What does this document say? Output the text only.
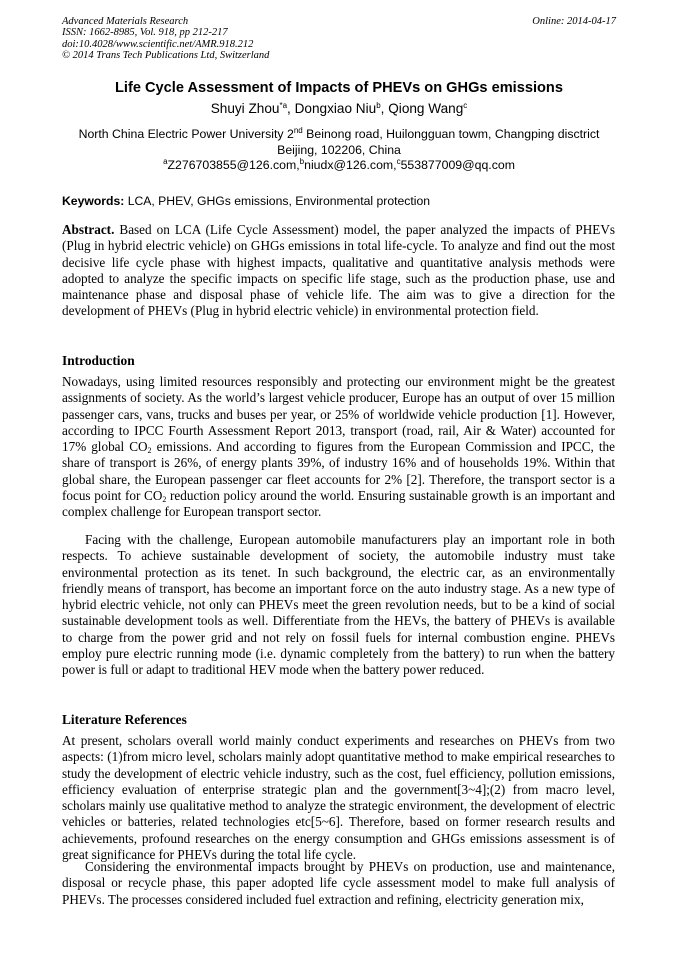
Advanced Materials Research
ISSN: 1662-8985, Vol. 918, pp 212-217
doi:10.4028/www.scientific.net/AMR.918.212
© 2014 Trans Tech Publications Ltd, Switzerland
Online: 2014-04-17
Life Cycle Assessment of Impacts of PHEVs on GHGs emissions
Shuyi Zhou$^{*a}$, Dongxiao Niu$^b$, Qiong Wang$^c$
North China Electric Power University 2nd Beinong road, Huilongguan towm, Changping disctrict
Beijing, 102206, China
$^a$Z276703855@126.com,$^b$niudx@126.com,$^c$553877009@qq.com
Keywords: LCA, PHEV, GHGs emissions, Environmental protection
Abstract. Based on LCA (Life Cycle Assessment) model, the paper analyzed the impacts of PHEVs (Plug in hybrid electric vehicle) on GHGs emissions in total life-cycle. To analyze and find out the most decisive life cycle phase with highest impacts, qualitative and quantitative analysis methods were adopted to analyze the specific impacts on specific life stage, such as the production phase, use and maintenance phase and disposal phase of vehicle life. The aim was to give a direction for the development of PHEVs (Plug in hybrid electric vehicle) in environmental protection field.
Introduction

Nowadays, using limited resources responsibly and protecting our environment might be the greatest assignments of society. As the world’s largest vehicle producer, Europe has an output of over 15 million passenger cars, vans, trucks and buses per year, or 25% of worldwide vehicle production [1]. However, according to IPCC Fourth Assessment Report 2013, transport (road, rail, Air & Water) accounted for 17% global $CO_2$ emissions. And according to figures from the European Commission and IPCC, the share of transport is 26%, of energy plants 39%, of industry 16% and of households 19%. Within that global share, the European passenger car fleet accounts for 2% [2]. Therefore, the transport sector is a focus point for $CO_2$ reduction policy around the world. Ensuring sustainable growth is an important and complex challenge for European transport sector.

Facing with the challenge, European automobile manufacturers play an important role in both respects. To achieve sustainable development of society, the automobile industry must take environmental protection as its tenet. In such background, the electric car, as an environmentally friendly means of transport, has become an important force on the auto industry stage. As a new type of hybrid electric vehicle, not only can PHEVs meet the green revolution needs, but to be a kind of social sustainable development tools as well. Differentiate from the HEVs, the battery of PHEVs is available to charge from the power grid and not rely on fossil fuels for internal combustion engine. PHEVs employ pure electric running mode (i.e. dynamic completely from the battery) to run when the battery power is full or adapt to traditional HEV mode when the battery power reduced.

Literature References

At present, scholars overall world mainly conduct experiments and researches on PHEVs from two aspects: (1)from micro level, scholars mainly adopt quantitative method to make empirical researches to study the development of electric vehicle industry, such as the cost, fuel efficiency, pollution emissions, efficiency evaluation of enterprise strategic plan and the government[3~4];(2) from macro level, scholars mainly use qualitative method to analyze the strategic environment, the development of electric vehicles or batteries, related technologies etc[5~6]. Therefore, based on former research results and achievements, profound researches on the energy consumption and GHGs emissions assessment is of great significance for PHEVs during the total life cycle.

Considering the environmental impacts brought by PHEVs on production, use and maintenance, disposal or recycle phase, this paper adopted life cycle assessment model to make full analysis of PHEVs. The processes considered included fuel extraction and refining, electricity generation mix,
